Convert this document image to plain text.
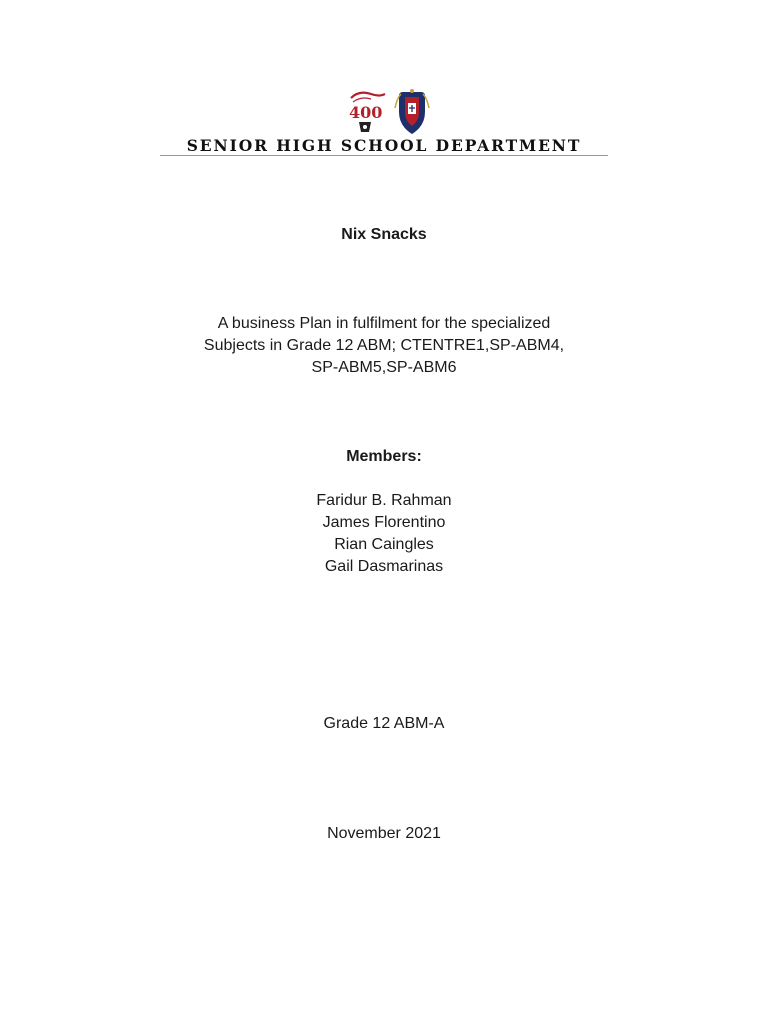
400
SENIOR HIGH SCHOOL DEPARTMENT
Nix Snacks
A business Plan in fulfilment for the specialized
Subjects in Grade 12 ABM; CTENTRE1,SP-ABM4,
SP-ABM5,SP-ABM6
Members:
Faridur B. Rahman
James Florentino
Rian Caingles
Gail Dasmarinas
Grade 12 ABM-A
November 2021
